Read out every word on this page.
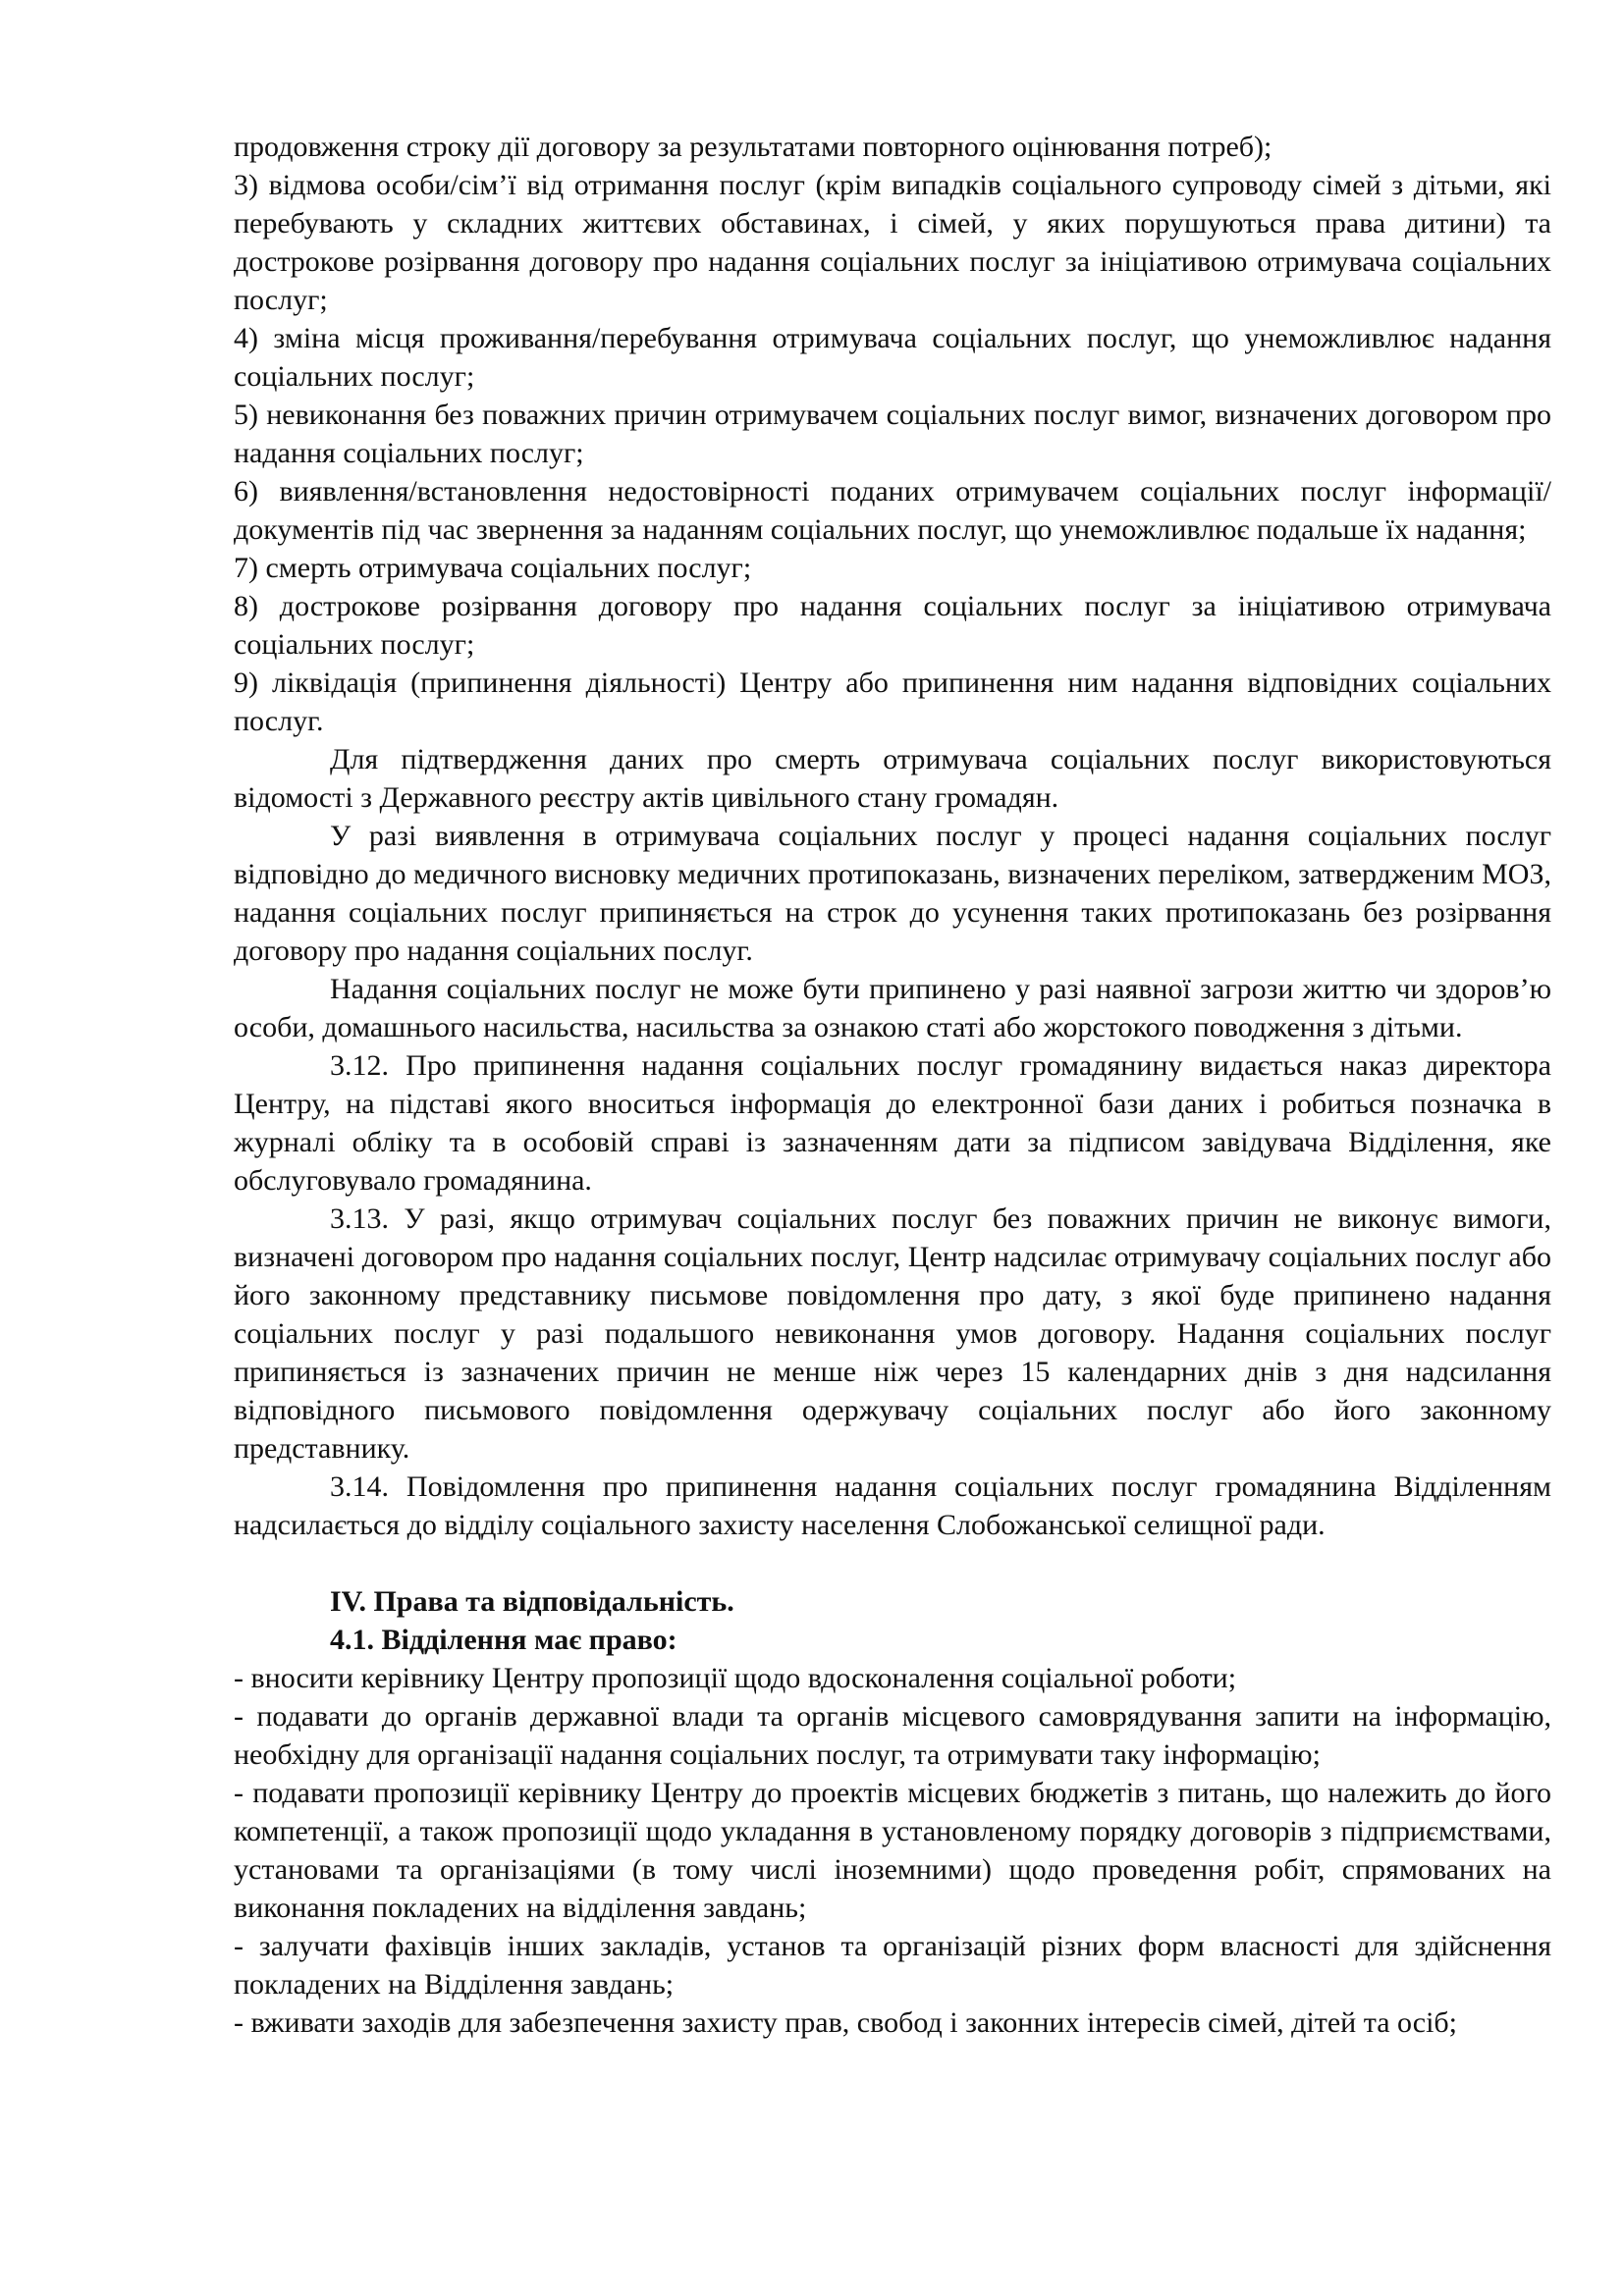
продовження строку дії договору за результатами повторного оцінювання потреб);

3) відмова особи/сім’ї від отримання послуг (крім випадків соціального супроводу сімей з дітьми, які перебувають у складних життєвих обставинах, і сімей, у яких порушуються права дитини) та дострокове розірвання договору про надання соціальних послуг за ініціативою отримувача соціальних послуг;

4) зміна місця проживання/перебування отримувача соціальних послуг, що унеможливлює надання соціальних послуг;

5) невиконання без поважних причин отримувачем соціальних послуг вимог, визначених договором про надання соціальних послуг;

6) виявлення/встановлення недостовірності поданих отримувачем соціальних послуг інформації/документів під час звернення за наданням соціальних послуг, що унеможливлює подальше їх надання;

7) смерть отримувача соціальних послуг;

8) дострокове розірвання договору про надання соціальних послуг за ініціативою отримувача соціальних послуг;

9) ліквідація (припинення діяльності) Центру або припинення ним надання відповідних соціальних послуг.

Для підтвердження даних про смерть отримувача соціальних послуг використовуються відомості з Державного реєстру актів цивільного стану громадян.

У разі виявлення в отримувача соціальних послуг у процесі надання соціальних послуг відповідно до медичного висновку медичних протипоказань, визначених переліком, затвердженим МОЗ, надання соціальних послуг припиняється на строк до усунення таких протипоказань без розірвання договору про надання соціальних послуг.

Надання соціальних послуг не може бути припинено у разі наявної загрози життю чи здоров’ю особи, домашнього насильства, насильства за ознакою статі або жорстокого поводження з дітьми.

3.12. Про припинення надання соціальних послуг громадянину видається наказ директора Центру, на підставі якого вноситься інформація до електронної бази даних і робиться позначка в журналі обліку та в особовій справі із зазначенням дати за підписом завідувача Відділення, яке обслуговувало громадянина.

3.13. У разі, якщо отримувач соціальних послуг без поважних причин не виконує вимоги, визначені договором про надання соціальних послуг, Центр надсилає отримувачу соціальних послуг або його законному представнику письмове повідомлення про дату, з якої буде припинено надання соціальних послуг у разі подальшого невиконання умов договору. Надання соціальних послуг припиняється із зазначених причин не менше ніж через 15 календарних днів з дня надсилання відповідного письмового повідомлення одержувачу соціальних послуг або його законному представнику.

3.14. Повідомлення про припинення надання соціальних послуг громадянина Відділенням надсилається до відділу соціального захисту населення Слобожанської селищної ради.

IV. Права та відповідальність.

4.1. Відділення має право:

- вносити керівнику Центру пропозиції щодо вдосконалення соціальної роботи;

- подавати до органів державної влади та органів місцевого самоврядування запити на інформацію, необхідну для організації надання соціальних послуг, та отримувати таку інформацію;

- подавати пропозиції керівнику Центру до проектів місцевих бюджетів з питань, що належить до його компетенції, а також пропозиції щодо укладання в установленому порядку договорів з підприємствами, установами та організаціями (в тому числі іноземними) щодо проведення робіт, спрямованих на виконання покладених на відділення завдань;

- залучати фахівців інших закладів, установ та організацій різних форм власності для здійснення покладених на Відділення завдань;

- вживати заходів для забезпечення захисту прав, свобод і законних інтересів сімей, дітей та осіб;
